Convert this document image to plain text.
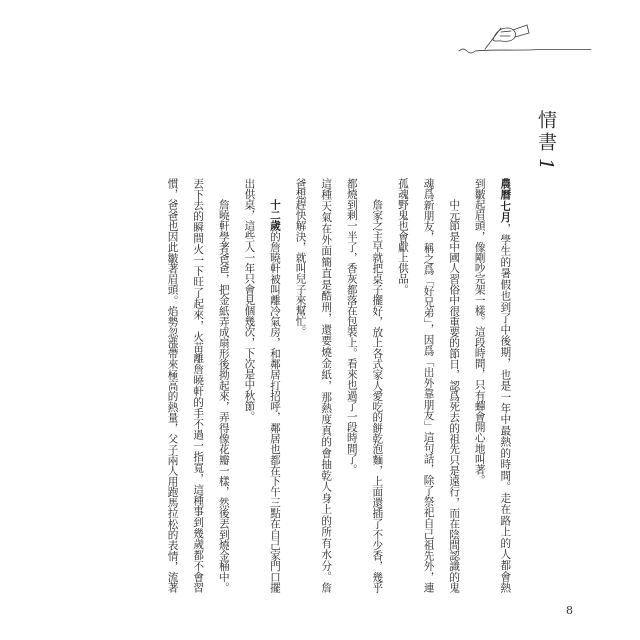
情書1
農曆七月，學生的暑假也到了中後期，也是一年中最熱的時間。走在路上的人都會熱
到皺起眉頭，像剛吵完架一樣。這段時間，只有蟬會開心地叫著。
中元節是中國人習俗中很重要的節日，認爲死去的祖先只是遠行，而在陰間認識的鬼
魂爲新朋友，稱之爲「好兄弟」，因爲「出外靠朋友」這句話，除了祭祀自己祖先外，連
孤魂野鬼也會獻上供品。
詹家之主早就把桌子擺好，放上各式家人愛吃的餅乾泡麵，上面還插了不少香，幾乎
都燒到剩一半了，香灰都落在包裝上。看來也過了一段時間了。
這種天氣在外面簡直是酷刑，還要燒金紙，那熱度真的會抽乾人身上的所有水分。詹
爸想趕快解決，就叫兒子來幫忙。
十二歲的詹曉軒被叫離冷氣房，和鄰居打招呼，鄰居也都在下午三點在自己家門口擺
出供桌，這些人一年只會見個幾次，下次是中秋節。
詹曉軒學著爸爸，把金紙弄成扇形後拗起來，弄得像花瓣一樣，然後丟到燒金桶中。
丟下去的瞬間火一下旺了起來，火苗離詹曉軒的手不過一指寬，這種事到幾歲都不會習
慣，爸爸也因此皺著眉頭。焰勢忽漲帶來極高的熱量，父子兩人用跑馬拉松的表情，流著
8
